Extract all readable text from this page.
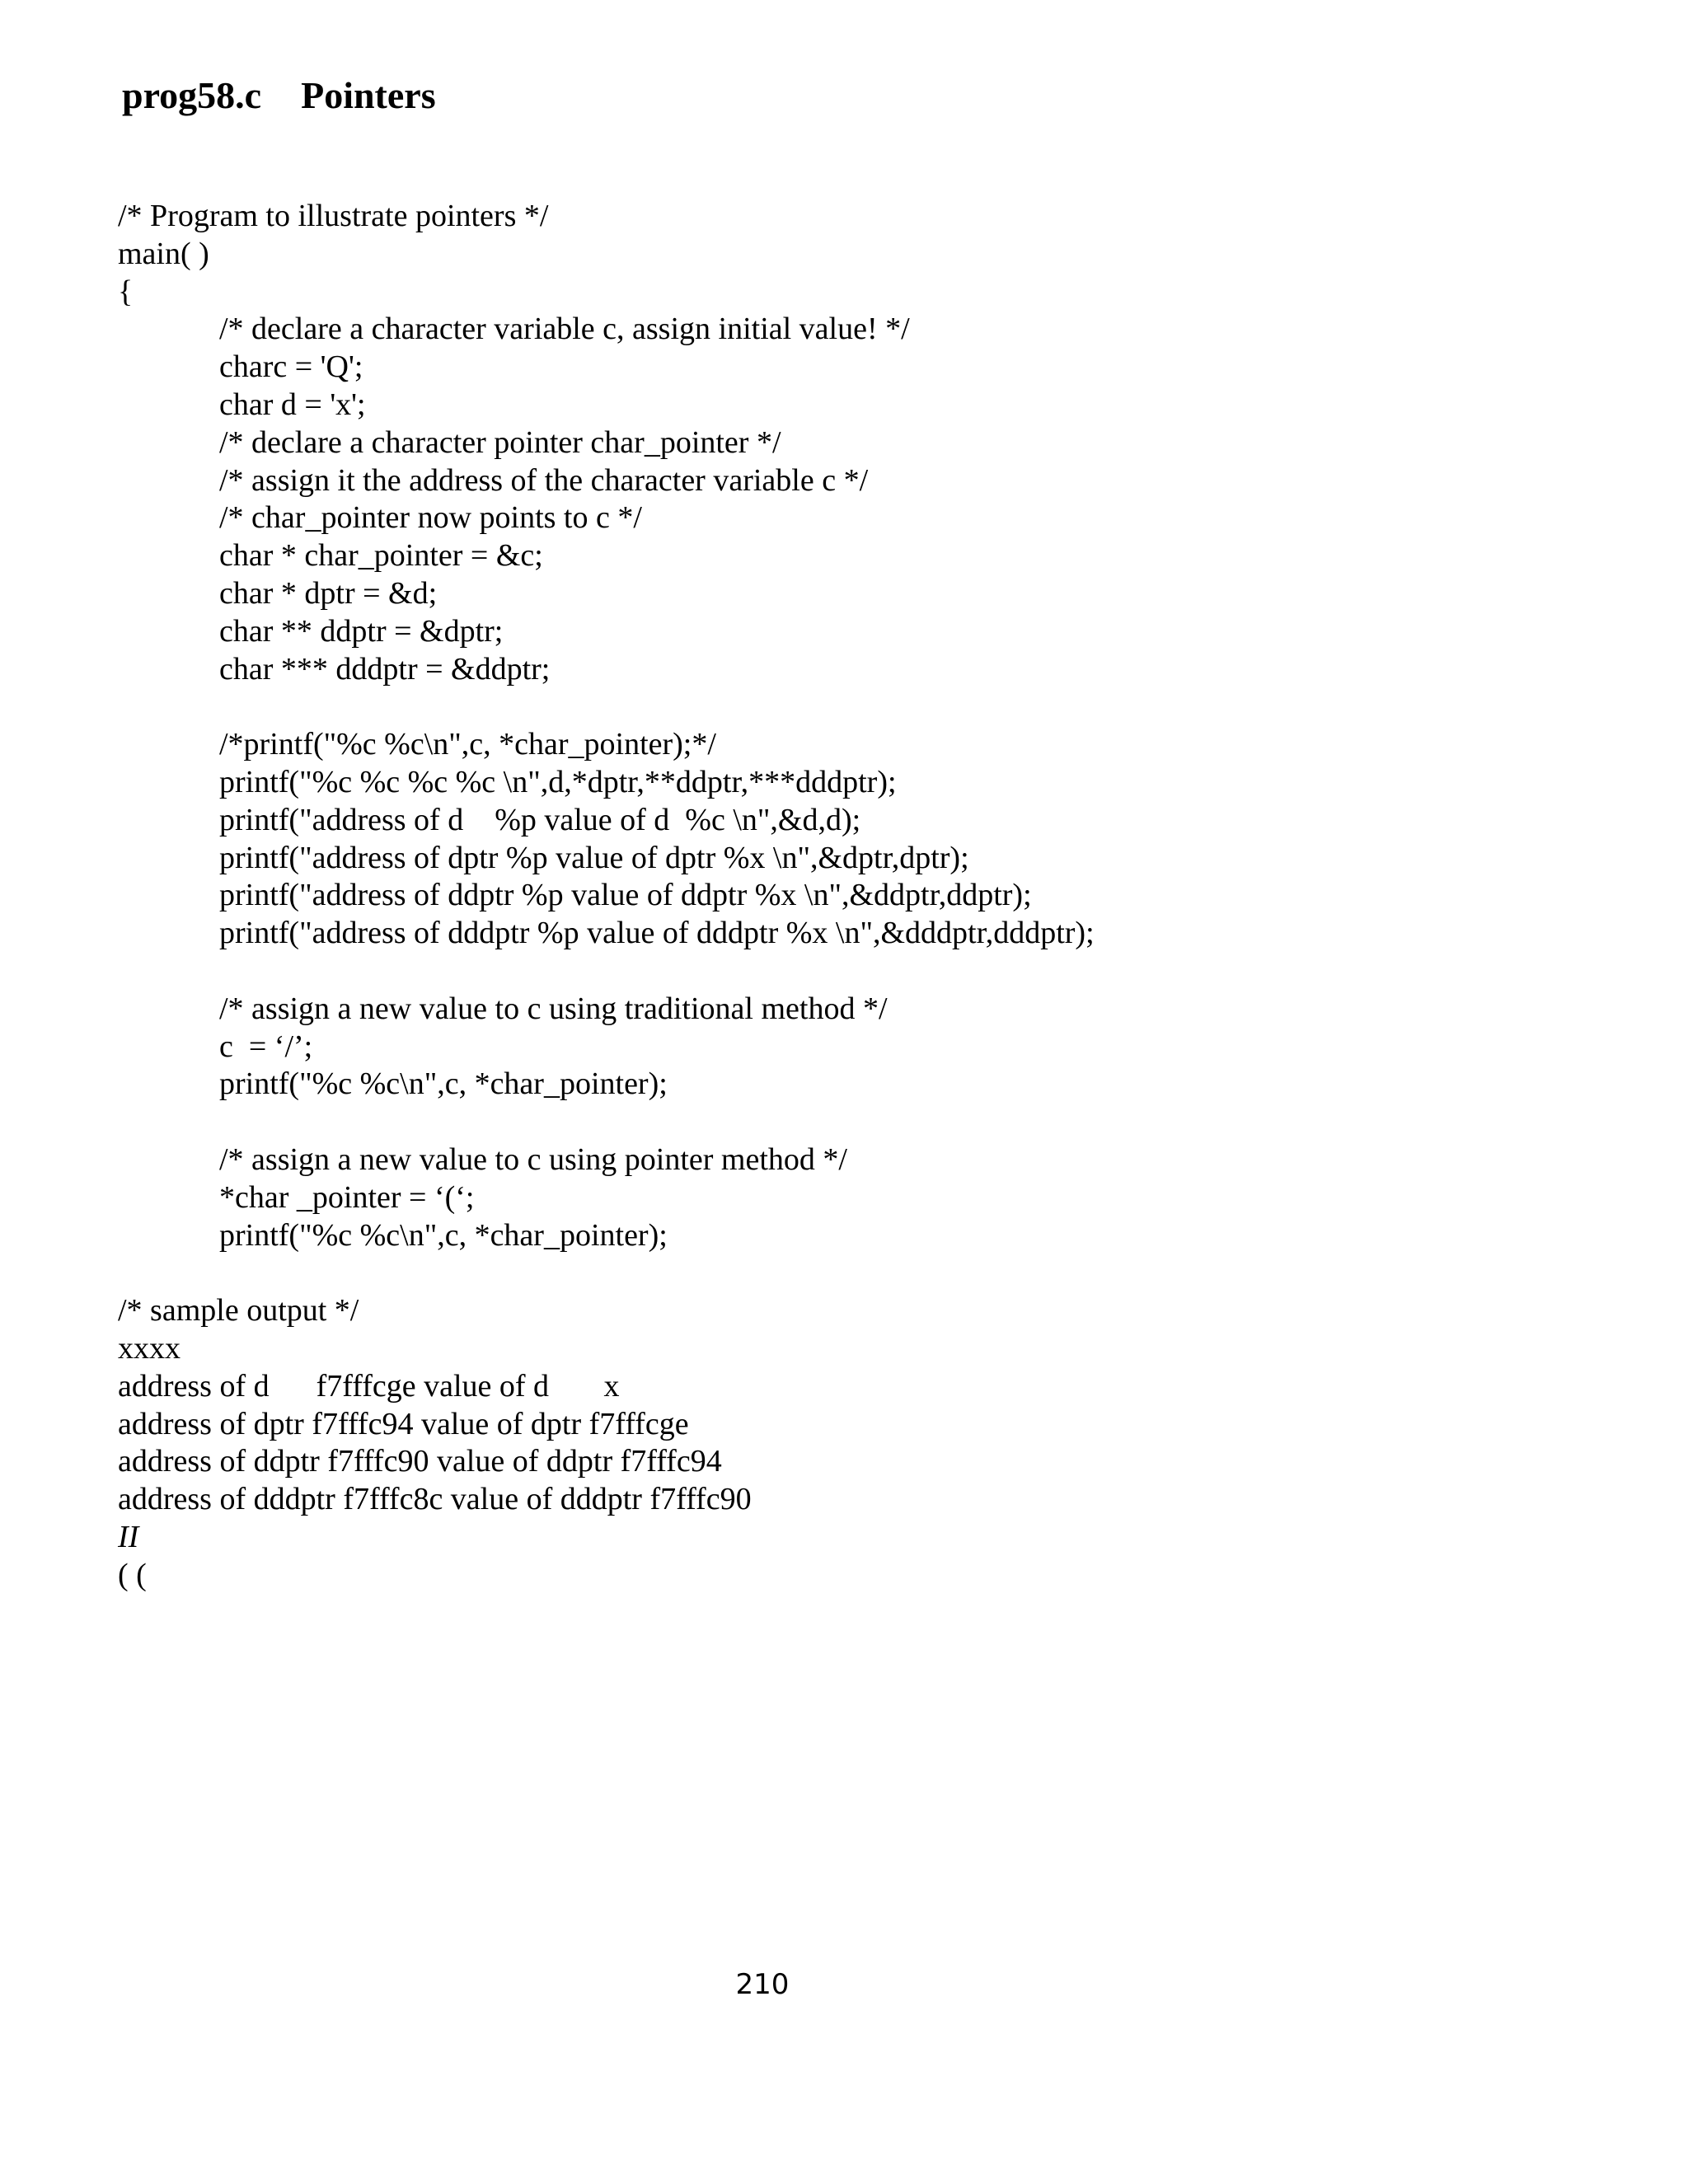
prog58.c Pointers
/* Program to illustrate pointers */
main( )
{
/* declare a character variable c, assign initial value! */
charc = 'Q';
char d = 'x';
/* declare a character pointer char_pointer */
/* assign it the address of the character variable c */
/* char_pointer now points to c */
char * char_pointer = &c;
char * dptr = &d;
char ** ddptr = &dptr;
char *** dddptr = &ddptr;
/*printf("%c %c\n",c, *char_pointer);*/
printf("%c %c %c %c \n",d,*dptr,**ddptr,***dddptr);
printf("address of d    %p value of d  %c \n",&d,d);
printf("address of dptr %p value of dptr %x \n",&dptr,dptr);
printf("address of ddptr %p value of ddptr %x \n",&ddptr,ddptr);
printf("address of dddptr %p value of dddptr %x \n",&dddptr,dddptr);
/* assign a new value to c using traditional method */
c  = ‘/’;
printf("%c %c\n",c, *char_pointer);
/* assign a new value to c using pointer method */
*char _pointer = ‘(‘;
printf("%c %c\n",c, *char_pointer);
/* sample output */
xxxx
address of d      f7fffcge value of d       x
address of dptr f7fffc94 value of dptr f7fffcge
address of ddptr f7fffc90 value of ddptr f7fffc94
address of dddptr f7fffc8c value of dddptr f7fffc90
II
( (
210
